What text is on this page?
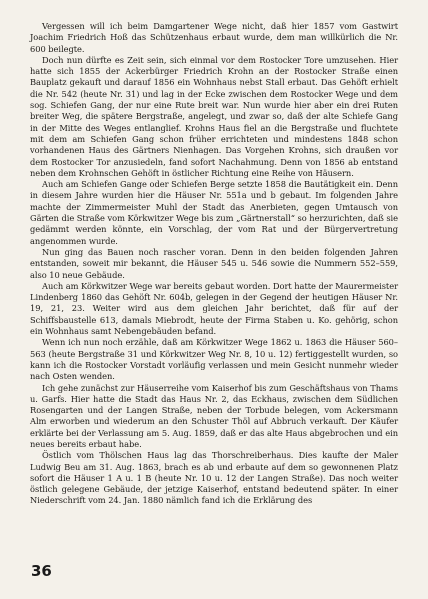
Vergessen will ich beim Damgartener Wege nicht, daß hier 1857 vom Gastwirt Joachim Friedrich Hoß das Schützenhaus erbaut wurde, dem man willkürlich die Nr. 600 beilegte.

Doch nun dürfte es Zeit sein, sich einmal vor dem Rostocker Tore umzusehen. Hier hatte sich 1855 der Ackerbürger Friedrich Krohn an der Rostocker Straße einen Bauplatz gekauft und darauf 1856 ein Wohnhaus nebst Stall erbaut. Das Gehöft erhielt die Nr. 542 (heute Nr. 31) und lag in der Ecke zwischen dem Rostocker Wege und dem sog. Schiefen Gang, der nur eine Rute breit war. Nun wurde hier aber ein drei Ruten breiter Weg, die spätere Bergstraße, angelegt, und zwar so, daß der alte Schiefe Gang in der Mitte des Weges entlanglief. Krohns Haus fiel an die Bergstraße und fluchtete mit dem am Schiefen Gang schon früher errichteten und mindestens 1848 schon vorhandenen Haus des Gärtners Nienhagen. Das Vorgehen Krohns, sich draußen vor dem Rostocker Tor anzusiedeln, fand sofort Nachahmung. Denn von 1856 ab entstand neben dem Krohnschen Gehöft in östlicher Richtung eine Reihe von Häusern.

Auch am Schiefen Gange oder Schiefen Berge setzte 1858 die Bautätigkeit ein. Denn in diesem Jahre wurden hier die Häuser Nr. 551a und b gebaut. Im folgenden Jahre machte der Zimmermeister Muhl der Stadt das Anerbieten, gegen Umtausch von Gärten die Straße vom Körkwitzer Wege bis zum „Gärtnerstall“ so herzurichten, daß sie gedämmt werden könnte, ein Vorschlag, der vom Rat und der Bürgervertretung angenommen wurde.

Nun ging das Bauen noch rascher voran. Denn in den beiden folgenden Jahren entstanden, soweit mir bekannt, die Häuser 545 u. 546 sowie die Nummern 552–559, also 10 neue Gebäude.

Auch am Körkwitzer Wege war bereits gebaut worden. Dort hatte der Maurermeister Lindenberg 1860 das Gehöft Nr. 604b, gelegen in der Gegend der heutigen Häuser Nr. 19, 21, 23. Weiter wird aus dem gleichen Jahr berichtet, daß für auf der Schiffsbaustelle 613, damals Miebrodt, heute der Firma Staben u. Ko. gehörig, schon ein Wohnhaus samt Nebengebäuden befand.

Wenn ich nun noch erzähle, daß am Körkwitzer Wege 1862 u. 1863 die Häuser 560–563 (heute Bergstraße 31 und Körkwitzer Weg Nr. 8, 10 u. 12) fertiggestellt wurden, so kann ich die Rostocker Vorstadt vorläufig verlassen und mein Gesicht nunmehr wieder nach Osten wenden.

Ich gehe zunächst zur Häuserreihe vom Kaiserhof bis zum Geschäftshaus von Thams u. Garfs. Hier hatte die Stadt das Haus Nr. 2, das Eckhaus, zwischen dem Südlichen Rosengarten und der Langen Straße, neben der Torbude belegen, vom Ackersmann Alm erworben und wiederum an den Schuster Thöl auf Abbruch verkauft. Der Käufer erklärte bei der Verlassung am 5. Aug. 1859, daß er das alte Haus abgebrochen und ein neues bereits erbaut habe.

Östlich vom Thölschen Haus lag das Thorschreiberhaus. Dies kaufte der Maler Ludwig Beu am 31. Aug. 1863, brach es ab und erbaute auf dem so gewonnenen Platz sofort die Häuser 1 A u. 1 B (heute Nr. 10 u. 12 der Langen Straße). Das noch weiter östlich gelegene Gebäude, der jetzige Kaiserhof, entstand bedeutend später. In einer Niederschrift vom 24. Jan. 1880 nämlich fand ich die Erklärung des

36
